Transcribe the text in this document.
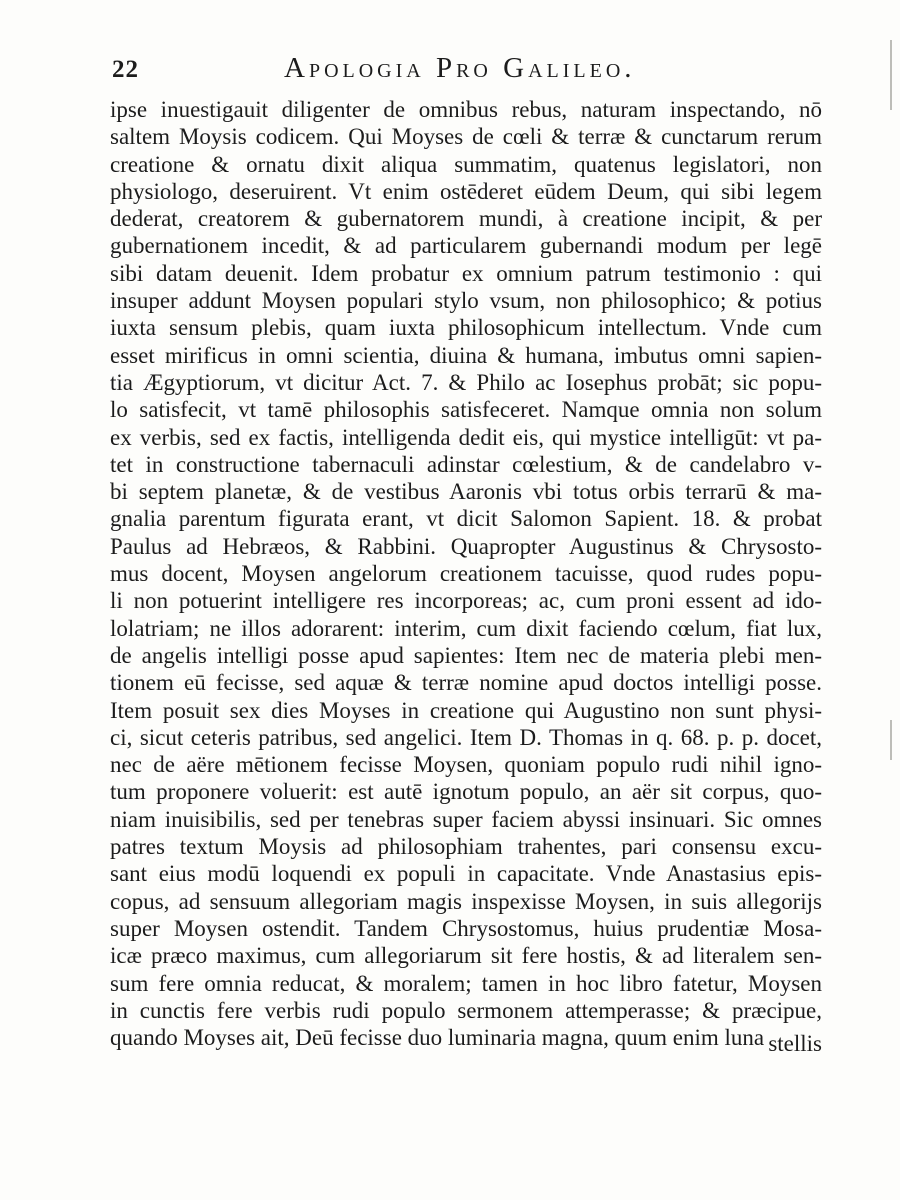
22	Apologia Pro Galileo.
ipse inuestigauit diligenter de omnibus rebus, naturam inspectando, nō
saltem Moysis codicem. Qui Moyses de cœli & terræ & cunctarum rerum
creatione & ornatu dixit aliqua summatim, quatenus legislatori, non
physiologo, deseruirent. Vt enim ostēderet eūdem Deum, qui sibi legem
dederat, creatorem & gubernatorem mundi, à creatione incipit, & per
gubernationem incedit, & ad particularem gubernandi modum per legē
sibi datam deuenit. Idem probatur ex omnium patrum testimonio : qui
insuper addunt Moysen populari stylo vsum, non philosophico; & potius
iuxta sensum plebis, quam iuxta philosophicum intellectum. Vnde cum
esset mirificus in omni scientia, diuina & humana, imbutus omni sapien-
tia Ægyptiorum, vt dicitur Act. 7. & Philo ac Iosephus probāt; sic popu-
lo satisfecit, vt tamē philosophis satisfeceret. Namque omnia non solum
ex verbis, sed ex factis, intelligenda dedit eis, qui mystice intelligūt: vt pa-
tet in constructione tabernaculi adinstar cœlestium, & de candelabro v-
bi septem planetæ, & de vestibus Aaronis vbi totus orbis terrarū & ma-
gnalia parentum figurata erant, vt dicit Salomon Sapient. 18. & probat
Paulus ad Hebræos, & Rabbini. Quapropter Augustinus & Chrysosto-
mus docent, Moysen angelorum creationem tacuisse, quod rudes popu-
li non potuerint intelligere res incorporeas; ac, cum proni essent ad ido-
lolatriam; ne illos adorarent: interim, cum dixit faciendo cœlum, fiat lux,
de angelis intelligi posse apud sapientes: Item nec de materia plebi men-
tionem eū fecisse, sed aquæ & terræ nomine apud doctos intelligi posse.
Item posuit sex dies Moyses in creatione qui Augustino non sunt physi-
ci, sicut ceteris patribus, sed angelici. Item D. Thomas in q. 68. p. p. docet,
nec de aëre mētionem fecisse Moysen, quoniam populo rudi nihil igno-
tum proponere voluerit: est autē ignotum populo, an aër sit corpus, quo-
niam inuisibilis, sed per tenebras super faciem abyssi insinuari. Sic omnes
patres textum Moysis ad philosophiam trahentes, pari consensu excu-
sant eius modū loquendi ex populi in capacitate. Vnde Anastasius epis-
copus, ad sensuum allegoriam magis inspexisse Moysen, in suis allegorijs
super Moysen ostendit. Tandem Chrysostomus, huius prudentiæ Mosa-
icæ præco maximus, cum allegoriarum sit fere hostis, & ad literalem sen-
sum fere omnia reducat, & moralem; tamen in hoc libro fatetur, Moysen
in cunctis fere verbis rudi populo sermonem attemperasse; & præcipue,
quando Moyses ait, Deū fecisse duo luminaria magna, quum enim luna stellis
